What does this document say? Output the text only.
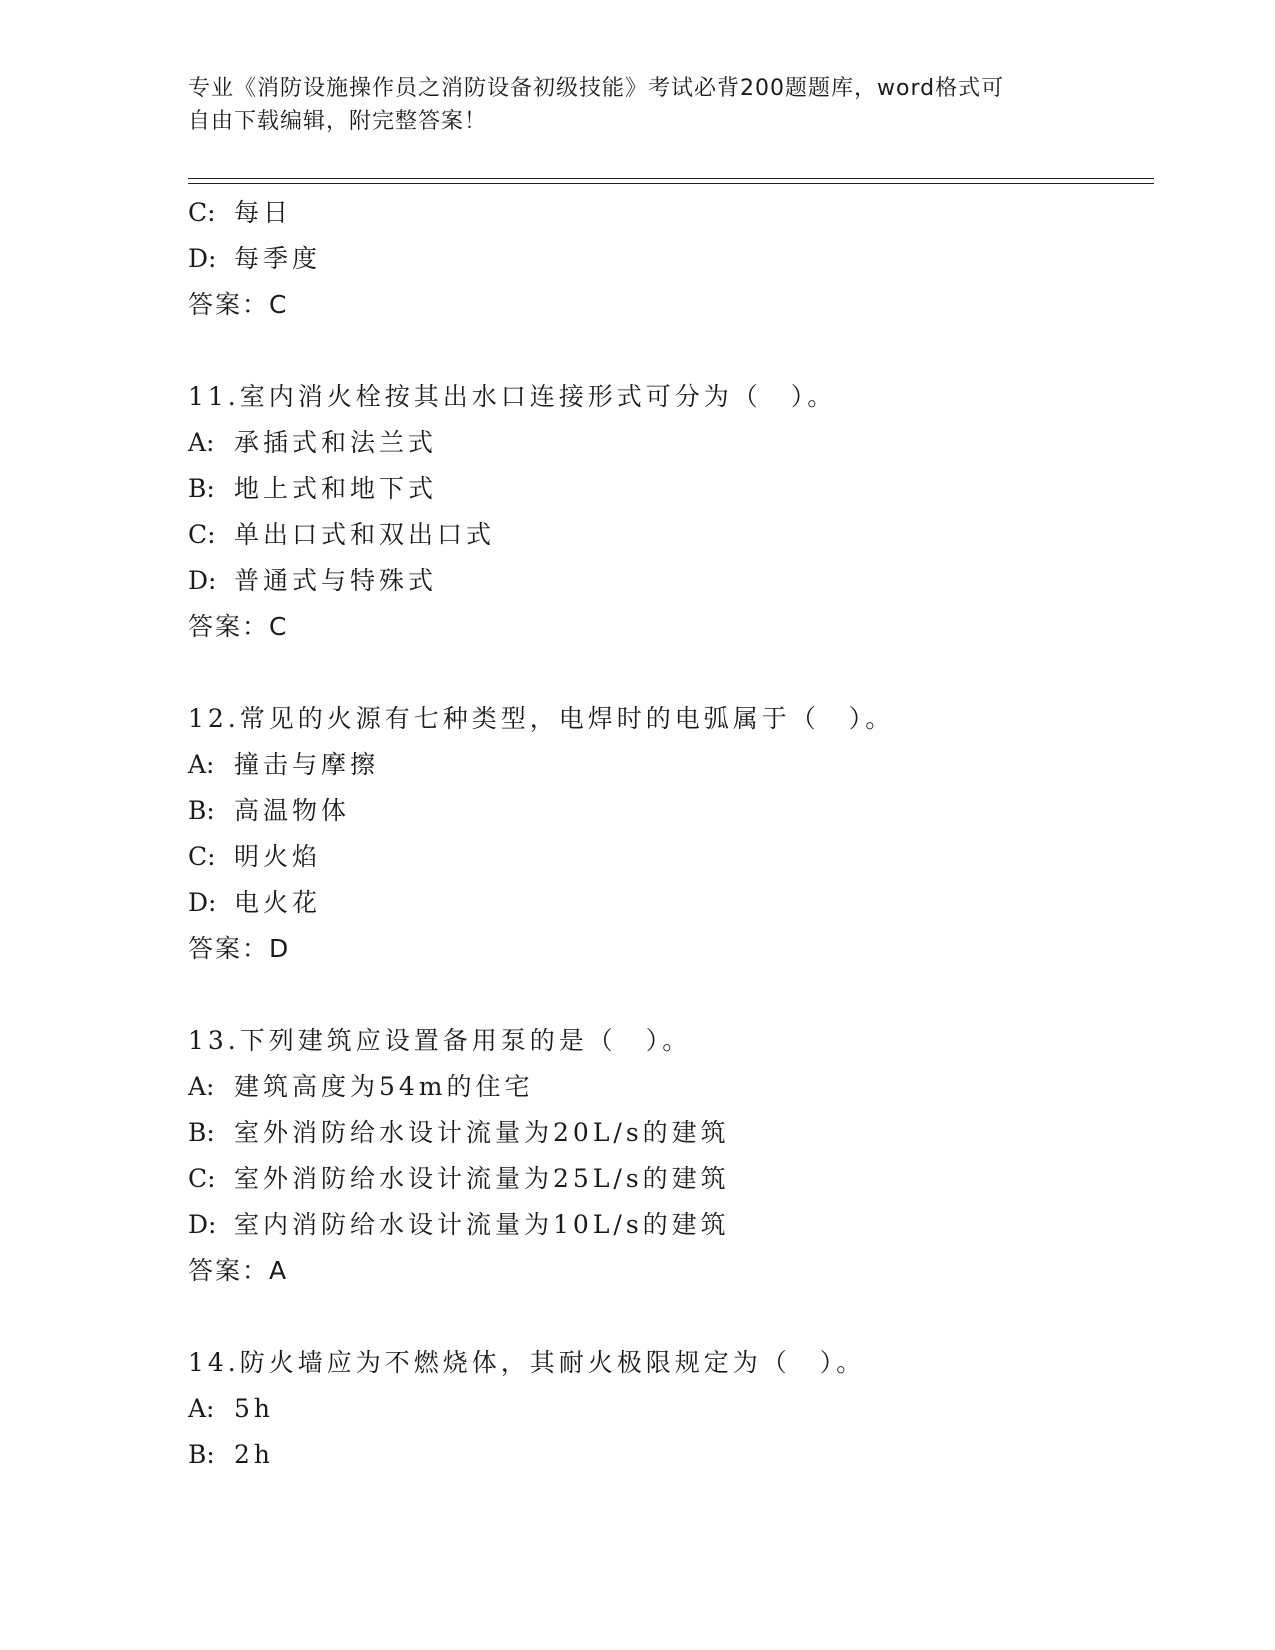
专业《消防设施操作员之消防设备初级技能》考试必背200题题库，word格式可
自由下载编辑，附完整答案！
C: 每日
D: 每季度
答案：C
11.室内消火栓按其出水口连接形式可分为（　）。
A: 承插式和法兰式
B: 地上式和地下式
C: 单出口式和双出口式
D: 普通式与特殊式
答案：C
12.常见的火源有七种类型，电焊时的电弧属于（　）。
A: 撞击与摩擦
B: 高温物体
C: 明火焰
D: 电火花
答案：D
13.下列建筑应设置备用泵的是（　）。
A: 建筑高度为54m的住宅
B: 室外消防给水设计流量为20L/s的建筑
C: 室外消防给水设计流量为25L/s的建筑
D: 室内消防给水设计流量为10L/s的建筑
答案：A
14.防火墙应为不燃烧体，其耐火极限规定为（　）。
A: 5h
B: 2h
